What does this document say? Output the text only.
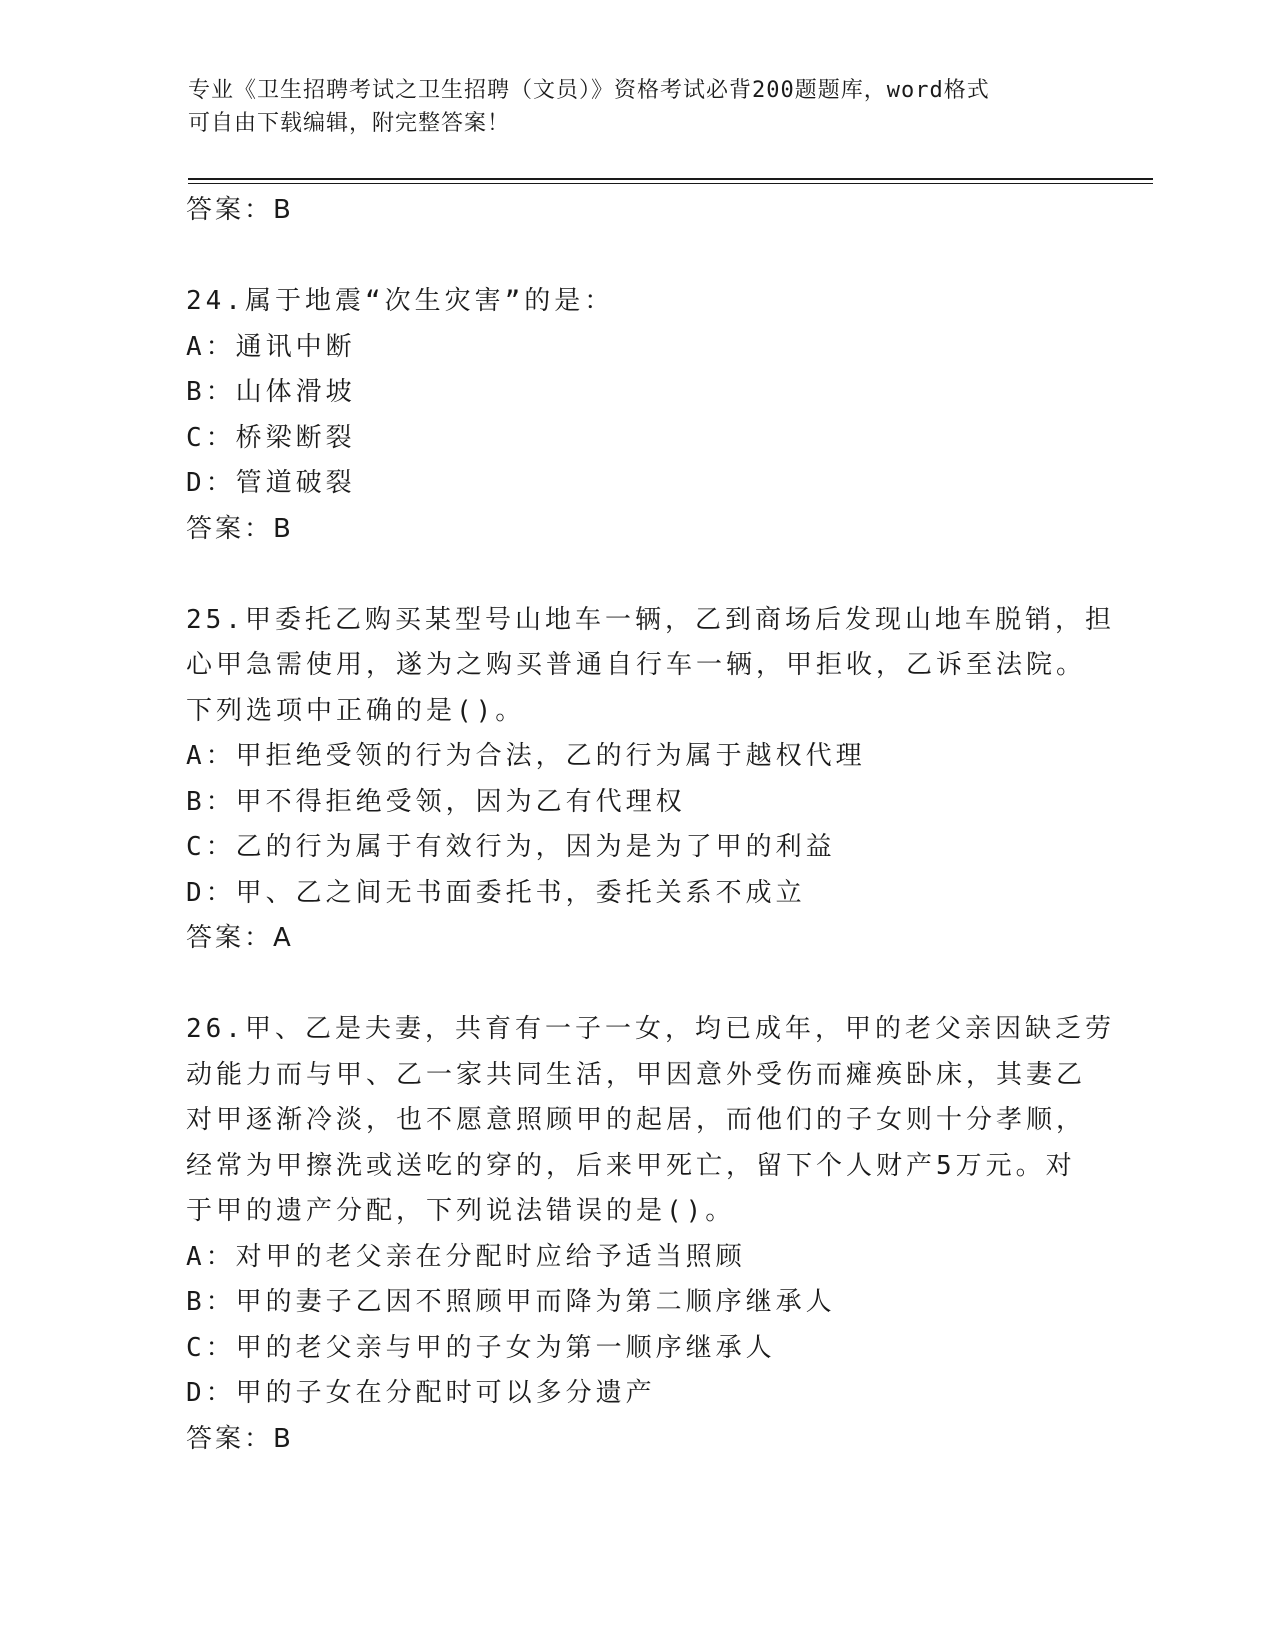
专业《卫生招聘考试之卫生招聘（文员）》资格考试必背200题题库，word格式
可自由下载编辑，附完整答案！
答案：B
24.属于地震“次生灾害”的是：
A：通讯中断
B：山体滑坡
C：桥梁断裂
D：管道破裂
答案：B
25.甲委托乙购买某型号山地车一辆，乙到商场后发现山地车脱销，担
心甲急需使用，遂为之购买普通自行车一辆，甲拒收，乙诉至法院。
下列选项中正确的是()。
A：甲拒绝受领的行为合法，乙的行为属于越权代理
B：甲不得拒绝受领，因为乙有代理权
C：乙的行为属于有效行为，因为是为了甲的利益
D：甲、乙之间无书面委托书，委托关系不成立
答案：A
26.甲、乙是夫妻，共育有一子一女，均已成年，甲的老父亲因缺乏劳
动能力而与甲、乙一家共同生活，甲因意外受伤而瘫痪卧床，其妻乙
对甲逐渐冷淡，也不愿意照顾甲的起居，而他们的子女则十分孝顺，
经常为甲擦洗或送吃的穿的，后来甲死亡，留下个人财产5万元。对
于甲的遗产分配，下列说法错误的是()。
A：对甲的老父亲在分配时应给予适当照顾
B：甲的妻子乙因不照顾甲而降为第二顺序继承人
C：甲的老父亲与甲的子女为第一顺序继承人
D：甲的子女在分配时可以多分遗产
答案：B
